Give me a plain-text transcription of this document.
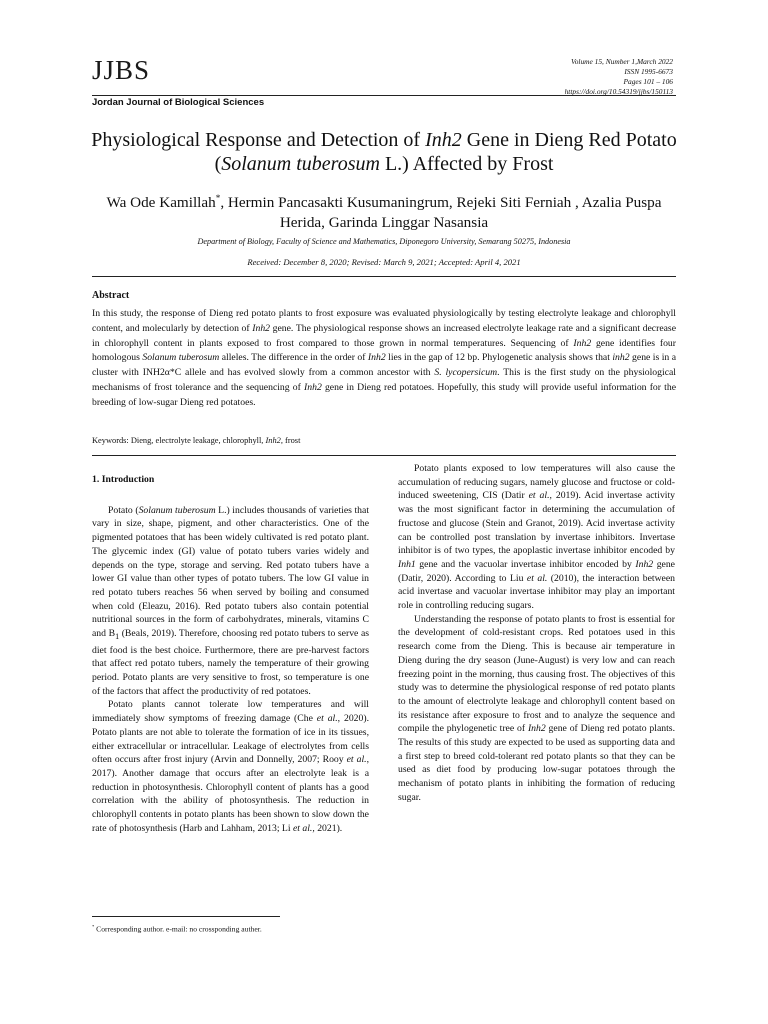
JJBS
Jordan Journal of Biological Sciences
Volume 15, Number 1,March 2022
ISSN 1995-6673
Pages 101 – 106
https://doi.org/10.54319/jjbs/150113
Physiological Response and Detection of Inh2 Gene in Dieng Red Potato (Solanum tuberosum L.) Affected by Frost
Wa Ode Kamillah*, Hermin Pancasakti Kusumaningrum, Rejeki Siti Ferniah , Azalia Puspa Herida, Garinda Linggar Nasansia
Department of Biology, Faculty of Science and Mathematics, Diponegoro University, Semarang 50275, Indonesia
Received: December 8, 2020; Revised: March 9, 2021; Accepted: April 4, 2021
Abstract
In this study, the response of Dieng red potato plants to frost exposure was evaluated physiologically by testing electrolyte leakage and chlorophyll content, and molecularly by detection of Inh2 gene. The physiological response shows an increased electrolyte leakage rate and a significant decrease in chlorophyll content in plants exposed to frost compared to those grown in normal temperatures. Sequencing of Inh2 gene identifies four homologous Solanum tuberosum alleles. The difference in the order of Inh2 lies in the gap of 12 bp. Phylogenetic analysis shows that inh2 gene is in a cluster with INH2α*C allele and has evolved slowly from a common ancestor with S. lycopersicum. This is the first study on the physiological mechanisms of frost tolerance and the sequencing of Inh2 gene in Dieng red potatoes. Hopefully, this study will provide useful information for the breeding of low-sugar Dieng red potatoes.
Keywords: Dieng, electrolyte leakage, chlorophyll, Inh2, frost
1. Introduction

Potato (Solanum tuberosum L.) includes thousands of varieties that vary in size, shape, pigment, and other characteristics. One of the pigmented potatoes that has been widely cultivated is red potato plant. The glycemic index (GI) value of potato tubers varies widely and depends on the type, storage and serving. Red potato tubers have a lower GI value than other types of potato tubers. The low GI value in red potato tubers reaches 56 when served by boiling and consumed when cold (Eleazu, 2016). Red potato tubers also contain potential nutritional sources in the form of carbohydrates, minerals, vitamins C and $B_1$ (Beals, 2019). Therefore, choosing red potato tubers to serve as diet food is the best choice. Furthermore, there are pre-harvest factors that affect red potato tubers, namely the temperature of their growing period. Potato plants are very sensitive to frost, so temperature is one of the factors that affect the productivity of red potatoes.

Potato plants cannot tolerate low temperatures and will immediately show symptoms of freezing damage (Che et al., 2020). Potato plants are not able to tolerate the formation of ice in its tissues, either extracellular or intracellular. Leakage of electrolytes from cells often occurs after frost injury (Arvin and Donnelly, 2007; Rooy et al., 2017). Another damage that occurs after an electrolyte leak is a reduction in photosynthesis. Chlorophyll content of plants has a good correlation with the ability of photosynthesis. The reduction in chlorophyll contents in potato plants has been shown to slow down the rate of photosynthesis (Harb and Lahham, 2013; Li et al., 2021).

Potato plants exposed to low temperatures will also cause the accumulation of reducing sugars, namely glucose and fructose or cold-induced sweetening, CIS (Datir et al., 2019). Acid invertase activity was the most significant factor in determining the accumulation of fructose and glucose (Stein and Granot, 2019). Acid invertase activity can be controlled post translation by invertase inhibitors. Invertase inhibitor is of two types, the apoplastic invertase inhibitor encoded by Inh1 gene and the vacuolar invertase inhibitor encoded by Inh2 gene (Datir, 2020). According to Liu et al. (2010), the interaction between acid invertase and vacuolar invertase inhibitor may play an important role in controlling reducing sugars.

Understanding the response of potato plants to frost is essential for the development of cold-resistant crops. Red potatoes used in this research come from the Dieng. This is because air temperature in Dieng during the dry season (June-August) is very low and can reach freezing point in the morning, thus causing frost. The objectives of this study was to determine the physiological response of red potato plants to the amount of electrolyte leakage and chlorophyll content based on its resistance after exposure to frost and to analyze the sequence and compile the phylogenetic tree of Inh2 gene of Dieng red potato plants. The results of this study are expected to be used as supporting data and a first step to breed cold-tolerant red potato plants so that they can be used as diet food by producing low-sugar potatoes through the mechanism of potato plants in inhibiting the formation of reducing sugar.

* Corresponding author. e-mail: no crossponding auther.
